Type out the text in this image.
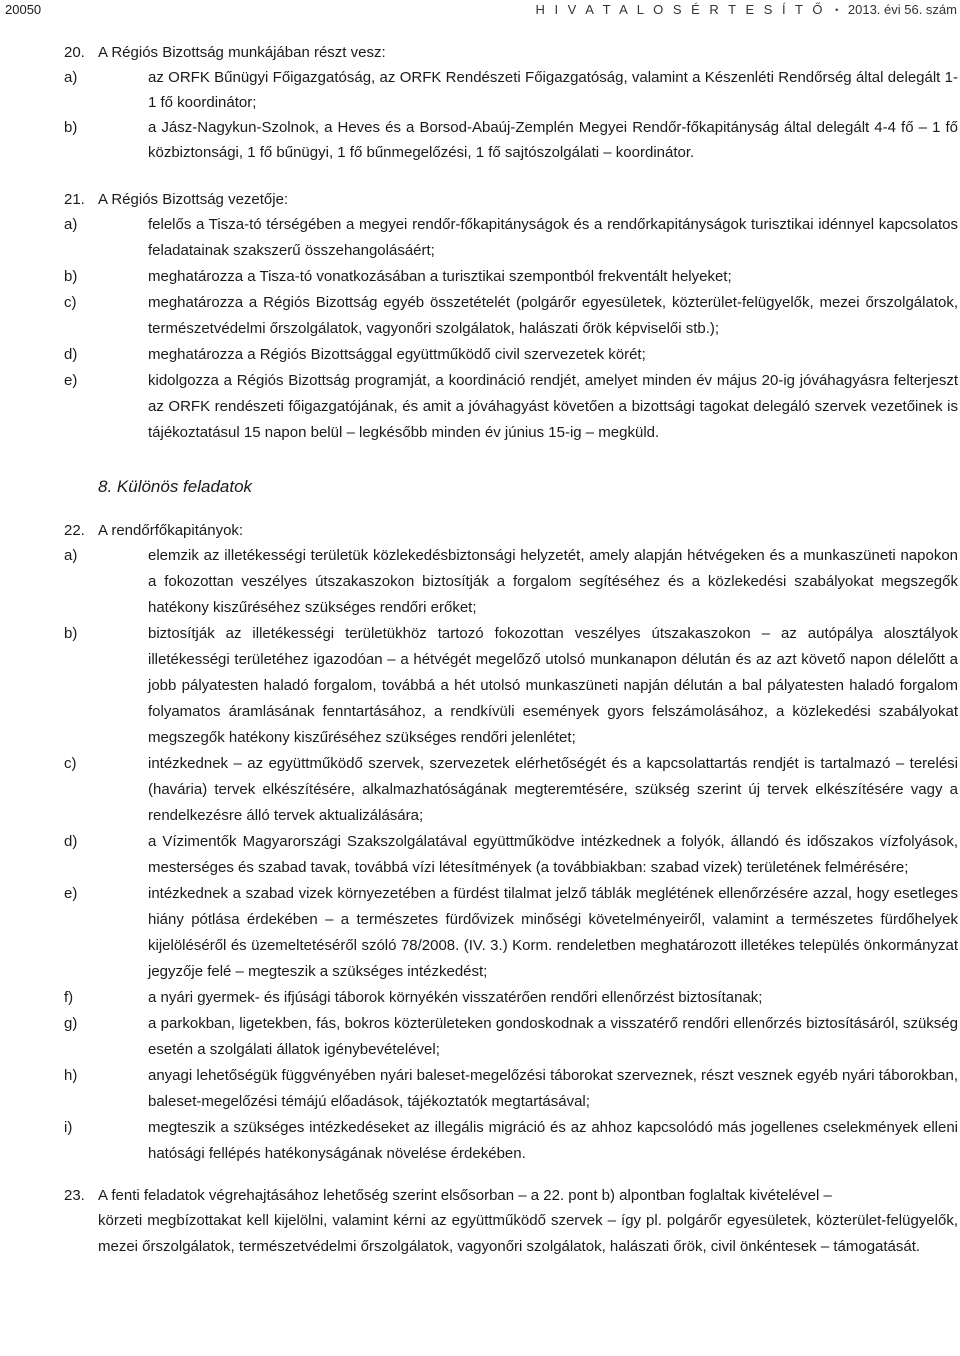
20050	H I V A T A L O S É R T E S Í T Ő • 2013. évi 56. szám
20. A Régiós Bizottság munkájában részt vesz:
a)	az ORFK Bűnügyi Főigazgatóság, az ORFK Rendészeti Főigazgatóság, valamint a Készenléti Rendőrség által delegált 1-1 fő koordinátor;
b)	a Jász-Nagykun-Szolnok, a Heves és a Borsod-Abaúj-Zemplén Megyei Rendőr-főkapitányság által delegált 4-4 fő – 1 fő közbiztonsági, 1 fő bűnügyi, 1 fő bűnmegelőzési, 1 fő sajtószolgálati – koordinátor.
21. A Régiós Bizottság vezetője:
a)	felelős a Tisza-tó térségében a megyei rendőr-főkapitányságok és a rendőrkapitányságok turisztikai idénnyel kapcsolatos feladatainak szakszerű összehangolásáért;
b)	meghatározza a Tisza-tó vonatkozásában a turisztikai szempontból frekventált helyeket;
c)	meghatározza a Régiós Bizottság egyéb összetételét (polgárőr egyesületek, közterület-felügyelők, mezei őrszolgálatok, természetvédelmi őrszolgálatok, vagyonőri szolgálatok, halászati őrök képviselői stb.);
d)	meghatározza a Régiós Bizottsággal együttműködő civil szervezetek körét;
e)	kidolgozza a Régiós Bizottság programját, a koordináció rendjét, amelyet minden év május 20-ig jóváhagyásra felterjeszt az ORFK rendészeti főigazgatójának, és amit a jóváhagyást követően a bizottsági tagokat delegáló szervek vezetőinek is tájékoztatásul 15 napon belül – legkésőbb minden év június 15-ig – megküld.
8. Különös feladatok
22. A rendőrfőkapitányok:
a)	elemzik az illetékességi területük közlekedésbiztonsági helyzetét, amely alapján hétvégeken és a munkaszüneti napokon a fokozottan veszélyes útszakaszokon biztosítják a forgalom segítéséhez és a közlekedési szabályokat megszegők hatékony kiszűréséhez szükséges rendőri erőket;
b)	biztosítják az illetékességi területükhöz tartozó fokozottan veszélyes útszakaszokon – az autópálya alosztályok illetékességi területéhez igazodóan – a hétvégét megelőző utolsó munkanapon délután és az azt követő napon délelőtt a jobb pályatesten haladó forgalom, továbbá a hét utolsó munkaszüneti napján délután a bal pályatesten haladó forgalom folyamatos áramlásának fenntartásához, a rendkívüli események gyors felszámolásához, a közlekedési szabályokat megszegők hatékony kiszűréséhez szükséges rendőri jelenlétet;
c)	intézkednek – az együttműködő szervek, szervezetek elérhetőségét és a kapcsolattartás rendjét is tartalmazó – terelési (havária) tervek elkészítésére, alkalmazhatóságának megteremtésére, szükség szerint új tervek elkészítésére vagy a rendelkezésre álló tervek aktualizálására;
d)	a Vízimentők Magyarországi Szakszolgálatával együttműködve intézkednek a folyók, állandó és időszakos vízfolyások, mesterséges és szabad tavak, továbbá vízi létesítmények (a továbbiakban: szabad vizek) területének felmérésére;
e)	intézkednek a szabad vizek környezetében a fürdést tilalmat jelző táblák meglétének ellenőrzésére azzal, hogy esetleges hiány pótlása érdekében – a természetes fürdővizek minőségi követelményeiről, valamint a természetes fürdőhelyek kijelöléséről és üzemeltetéséről szóló 78/2008. (IV. 3.) Korm. rendeletben meghatározott illetékes település önkormányzat jegyzője felé – megteszik a szükséges intézkedést;
f)	a nyári gyermek- és ifjúsági táborok környékén visszatérően rendőri ellenőrzést biztosítanak;
g)	a parkokban, ligetekben, fás, bokros közterületeken gondoskodnak a visszatérő rendőri ellenőrzés biztosításáról, szükség esetén a szolgálati állatok igénybevételével;
h)	anyagi lehetőségük függvényében nyári baleset-megelőzési táborokat szerveznek, részt vesznek egyéb nyári táborokban, baleset-megelőzési témájú előadások, tájékoztatók megtartásával;
i)	megteszik a szükséges intézkedéseket az illegális migráció és az ahhoz kapcsolódó más jogellenes cselekmények elleni hatósági fellépés hatékonyságának növelése érdekében.
23. A fenti feladatok végrehajtásához lehetőség szerint elsősorban – a 22. pont b) alpontban foglaltak kivételével –
körzeti megbízottakat kell kijelölni, valamint kérni az együttműködő szervek – így pl. polgárőr egyesületek, közterület-felügyelők, mezei őrszolgálatok, természetvédelmi őrszolgálatok, vagyonőri szolgálatok, halászati őrök, civil önkéntesek – támogatását.
